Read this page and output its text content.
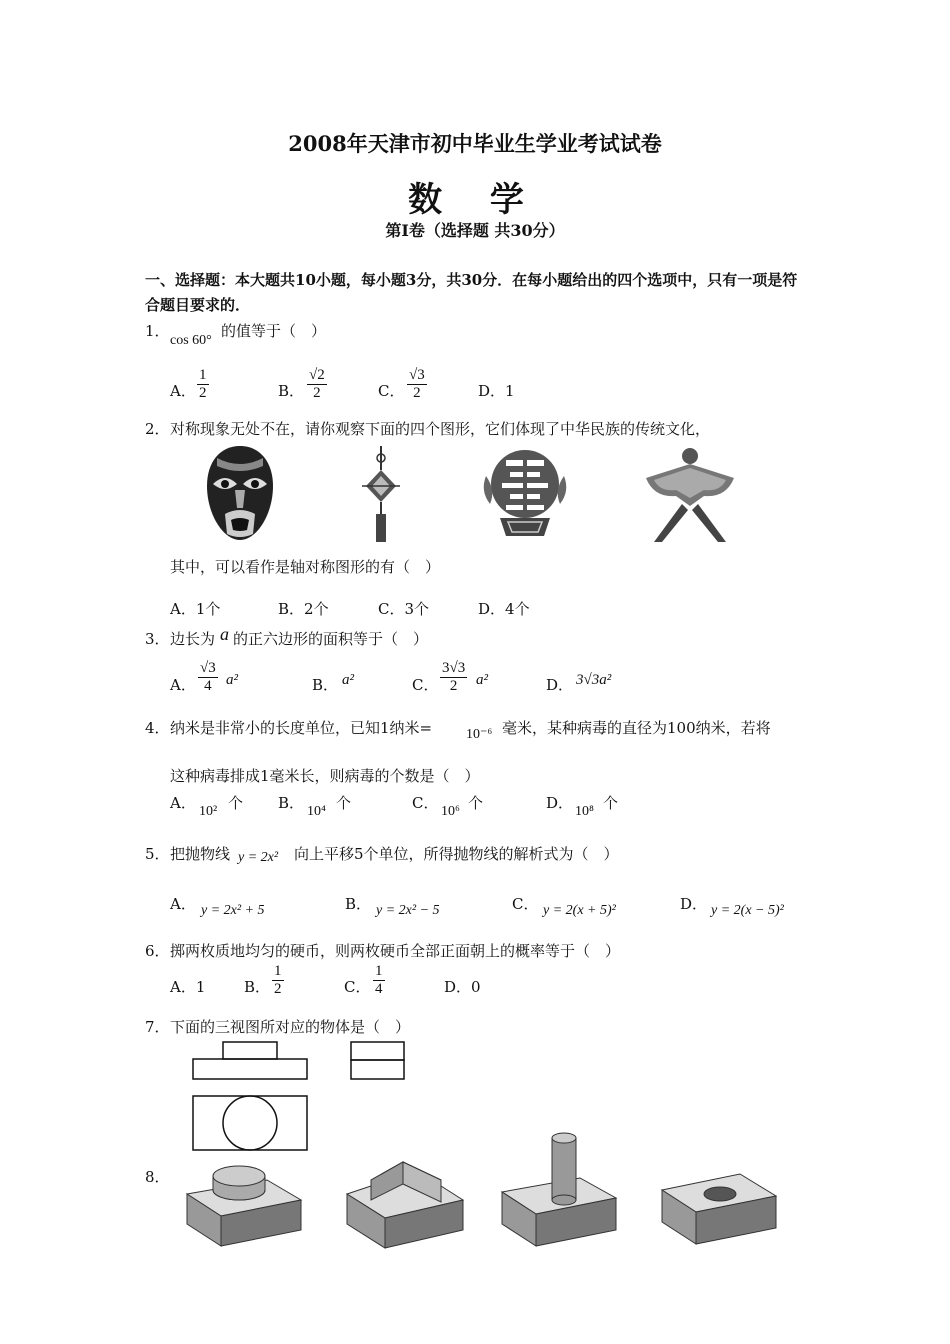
2008年天津市初中毕业生学业考试试卷
数 学
第Ⅰ卷（选择题 共30分）
一、选择题：本大题共10小题，每小题3分，共30分．在每小题给出的四个选项中，只有一项是符合题目要求的．
1．
cos 60°
的值等于（　）
A． $\frac{1}{2}$	B． $\frac{√2}{2}$	C． $\frac{√3}{2}$	D．1
2． 对称现象无处不在，请你观察下面的四个图形，它们体现了中华民族的传统文化，
其中，可以看作是轴对称图形的有（　）
A．1个	B．2个	C．3个	D．4个
3． 边长为 a 的正六边形的面积等于（　）
A． $\frac{√3}{4} a^2$	B． a²	C． $\frac{3√3}{2} a^2$	D． 3√3a²
4． 纳米是非常小的长度单位，已知1纳米= 10⁻⁶ 毫米，某种病毒的直径为100纳米，若将
这种病毒排成1毫米长，则病毒的个数是（　）
A． 10² 个 B． 10⁴ 个	C． 10⁶ 个	D． 10⁸ 个
5． 把抛物线 y = 2x² 向上平移5个单位，所得抛物线的解析式为（　）
A． y = 2x² + 5	B． y = 2x² − 5	C． y = 2(x + 5)²	D． y = 2(x − 5)²
6． 掷两枚质地均匀的硬币，则两枚硬币全部正面朝上的概率等于（　）
A．1	B． $\frac{1}{2}$	C． $\frac{1}{4}$	D．0
7． 下面的三视图所对应的物体是（　）
8．
